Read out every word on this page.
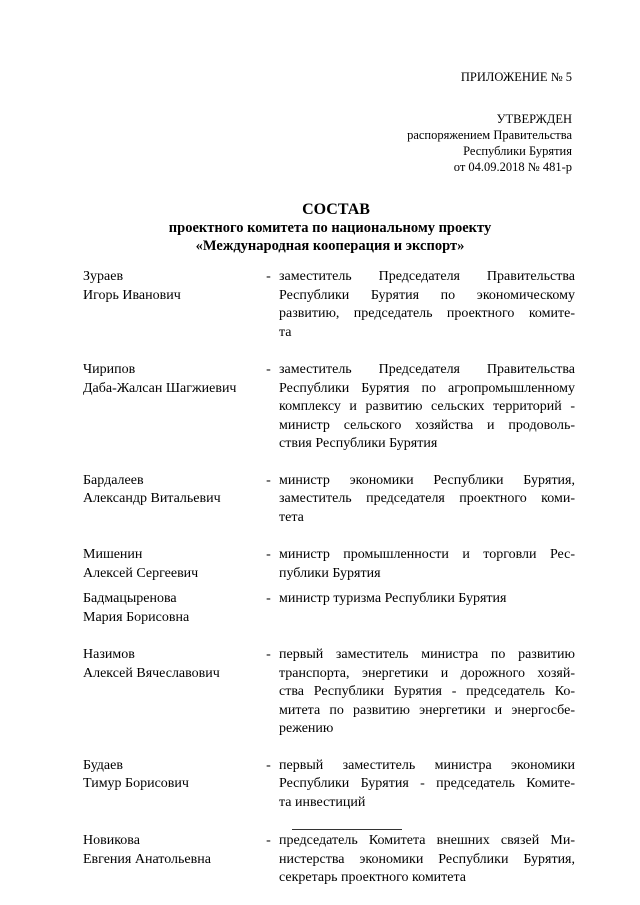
ПРИЛОЖЕНИЕ № 5
УТВЕРЖДЕН
распоряжением Правительства
Республики Бурятия
от 04.09.2018 № 481-р
СОСТАВ
проектного комитета по национальному проекту
«Международная кооперация и экспорт»
Зураев
Игорь Иванович
- заместитель Председателя Правительства
Республики Бурятия по экономическому
развитию, председатель проектного комите-
та
Чирипов
Даба-Жалсан Шагжиевич
- заместитель Председателя Правительства
Республики Бурятия по агропромышленному
комплексу и развитию сельских территорий -
министр сельского хозяйства и продоволь-
ствия Республики Бурятия
Бардалеев
Александр Витальевич
- министр экономики Республики Бурятия,
заместитель председателя проектного коми-
тета
Мишенин
Алексей Сергеевич
- министр промышленности и торговли Рес-
публики Бурятия
Бадмацыренова
Мария Борисовна
- министр туризма Республики Бурятия
Назимов
Алексей Вячеславович
- первый заместитель министра по развитию
транспорта, энергетики и дорожного хозяй-
ства Республики Бурятия - председатель Ко-
митета по развитию энергетики и энергосбе-
режению
Будаев
Тимур Борисович
- первый заместитель министра экономики
Республики Бурятия - председатель Комите-
та инвестиций
Новикова
Евгения Анатольевна
- председатель Комитета внешних связей Ми-
нистерства экономики Республики Бурятия,
секретарь проектного комитета
